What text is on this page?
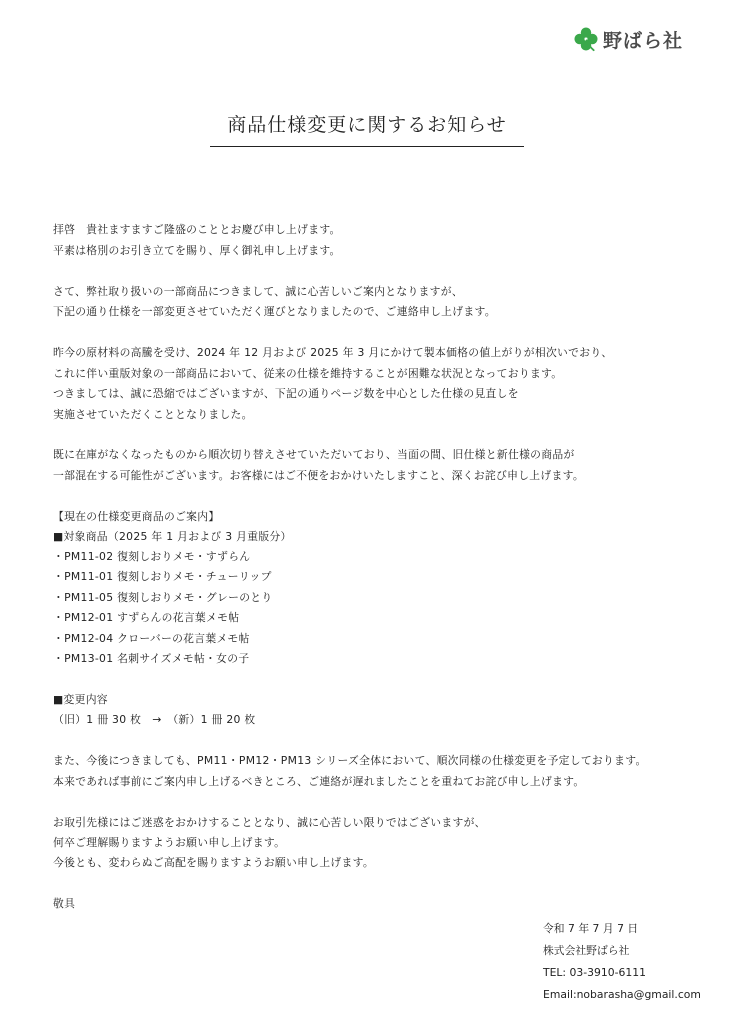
野ばら社
商品仕様変更に関するお知らせ
拝啓　貴社ますますご隆盛のこととお慶び申し上げます。
平素は格別のお引き立てを賜り、厚く御礼申し上げます。
さて、弊社取り扱いの一部商品につきまして、誠に心苦しいご案内となりますが、
下記の通り仕様を一部変更させていただく運びとなりましたので、ご連絡申し上げます。
昨今の原材料の高騰を受け、2024 年 12 月および 2025 年 3 月にかけて製本価格の値上がりが相次いでおり、
これに伴い重版対象の一部商品において、従来の仕様を維持することが困難な状況となっております。
つきましては、誠に恐縮ではございますが、下記の通りページ数を中心とした仕様の見直しを
実施させていただくこととなりました。
既に在庫がなくなったものから順次切り替えさせていただいており、当面の間、旧仕様と新仕様の商品が
一部混在する可能性がございます。お客様にはご不便をおかけいたしますこと、深くお詫び申し上げます。
【現在の仕様変更商品のご案内】
■対象商品（2025 年 1 月および 3 月重版分）
・PM11-02 復刻しおりメモ・すずらん
・PM11-01 復刻しおりメモ・チューリップ
・PM11-05 復刻しおりメモ・グレーのとり
・PM12-01 すずらんの花言葉メモ帖
・PM12-04 クローバーの花言葉メモ帖
・PM13-01 名刺サイズメモ帖・女の子
■変更内容
（旧）1 冊 30 枚　→　（新）1 冊 20 枚
また、今後につきましても、PM11・PM12・PM13 シリーズ全体において、順次同様の仕様変更を予定しております。
本来であれば事前にご案内申し上げるべきところ、ご連絡が遅れましたことを重ねてお詫び申し上げます。
お取引先様にはご迷惑をおかけすることとなり、誠に心苦しい限りではございますが、
何卒ご理解賜りますようお願い申し上げます。
今後とも、変わらぬご高配を賜りますようお願い申し上げます。
敬具
令和 7 年 7 月 7 日
株式会社野ばら社
TEL: 03-3910-6111
Email:nobarasha@gmail.com
